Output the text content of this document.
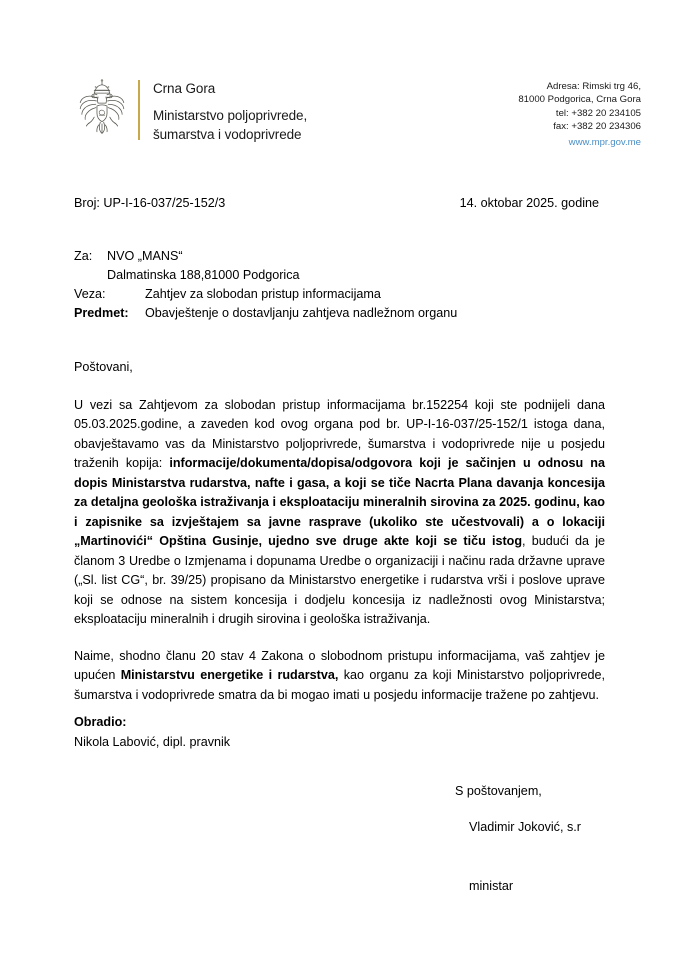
Crna Gora
Ministarstvo poljoprivrede,
šumarstva i vodoprivrede
Adresa: Rimski trg 46,
81000 Podgorica, Crna Gora
tel: +382 20 234105
fax: +382 20 234306
www.mpr.gov.me
Broj: UP-I-16-037/25-152/3	14. oktobar 2025. godine
Za:	NVO „MANS“
Dalmatinska 188,81000 Podgorica
Veza:	Zahtjev za slobodan pristup informacijama
Predmet:	Obavještenje o dostavljanju zahtjeva nadležnom organu
Poštovani,

U vezi sa Zahtjevom za slobodan pristup informacijama br.152254 koji ste podnijeli dana 05.03.2025.godine, a zaveden kod ovog organa pod br. UP-I-16-037/25-152/1 istoga dana, obavještavamo vas da Ministarstvo poljoprivrede, šumarstva i vodoprivrede nije u posjedu traženih kopija: informacije/dokumenta/dopisa/odgovora koji je sačinjen u odnosu na dopis Ministarstva rudarstva, nafte i gasa, a koji se tiče Nacrta Plana davanja koncesija za detaljna geološka istraživanja i eksploataciju mineralnih sirovina za 2025. godinu, kao i zapisnike sa izvještajem sa javne rasprave (ukoliko ste učestvovali) a o lokaciji „Martinovići“ Opština Gusinje, ujedno sve druge akte koji se tiču istog, budući da je članom 3 Uredbe o Izmjenama i dopunama Uredbe o organizaciji i načinu rada državne uprave („Sl. list CG“, br. 39/25) propisano da Ministarstvo energetike i rudarstva vrši i poslove uprave koji se odnose na sistem koncesija i dodjelu koncesija iz nadležnosti ovog Ministarstva; eksploataciju mineralnih i drugih sirovina i geološka istraživanja.

Naime, shodno članu 20 stav 4 Zakona o slobodnom pristupu informacijama, vaš zahtjev je upućen Ministarstvu energetike i rudarstva, kao organu za koji Ministarstvo poljoprivrede, šumarstva i vodoprivrede smatra da bi mogao imati u posjedu informacije tražene po zahtjevu.

Obradio:
Nikola Labović, dipl. pravnik
S poštovanjem,
Vladimir Joković, s.r
ministar
